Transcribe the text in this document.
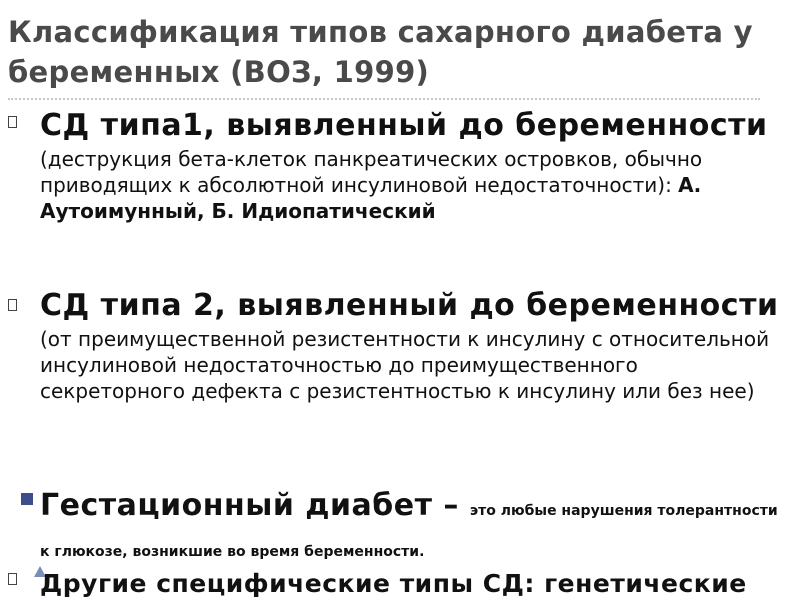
Классификация типов сахарного диабета у беременных (ВОЗ, 1999)

СД типа1, выявленный до беременности (деструкция бета-клеток панкреатических островков, обычно приводящих к абсолютной инсулиновой недостаточности): А. Аутоимунный, Б. Идиопатический

СД типа 2, выявленный до беременности (от преимущественной резистентности к инсулину с относительной инсулиновой недостаточностью до преимущественного секреторного дефекта с резистентностью к инсулину или без нее)

Гестационный диабет – это любые нарушения толерантности к глюкозе, возникшие во время беременности.

Другие специфические типы СД: генетические
